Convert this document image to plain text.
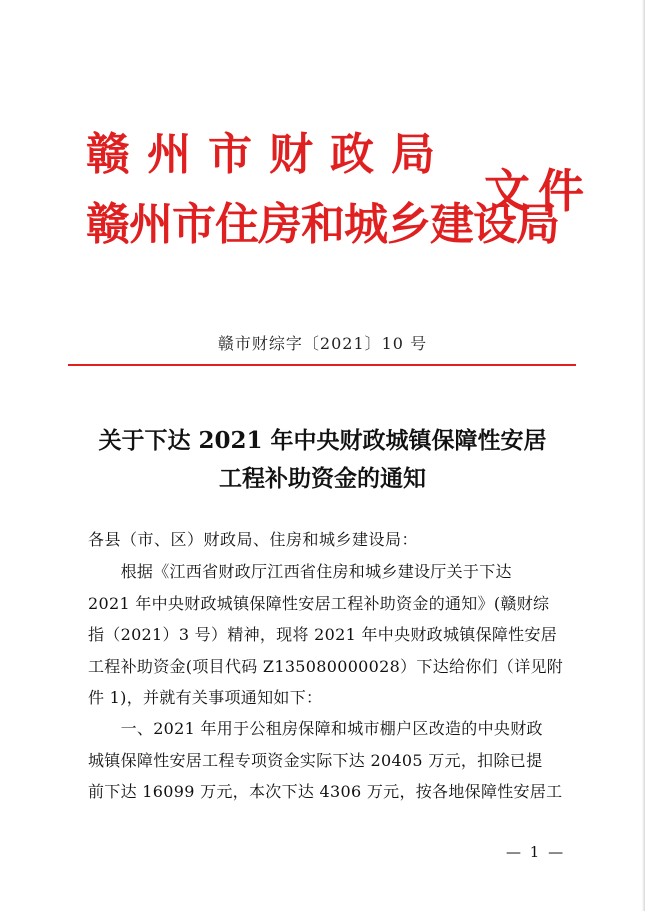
赣州市财政局
赣州市住房和城乡建设局
文件
赣市财综字〔2021〕10 号
关于下达 2021 年中央财政城镇保障性安居
工程补助资金的通知
各县（市、区）财政局、住房和城乡建设局：
　　根据《江西省财政厅江西省住房和城乡建设厅关于下达
2021 年中央财政城镇保障性安居工程补助资金的通知》(赣财综
指（2021）3 号）精神，现将 2021 年中央财政城镇保障性安居
工程补助资金(项目代码 Z135080000028）下达给你们（详见附
件 1)，并就有关事项通知如下：
　　一、2021 年用于公租房保障和城市棚户区改造的中央财政
城镇保障性安居工程专项资金实际下达 20405 万元，扣除已提
前下达 16099 万元，本次下达 4306 万元，按各地保障性安居工
— 1 —
